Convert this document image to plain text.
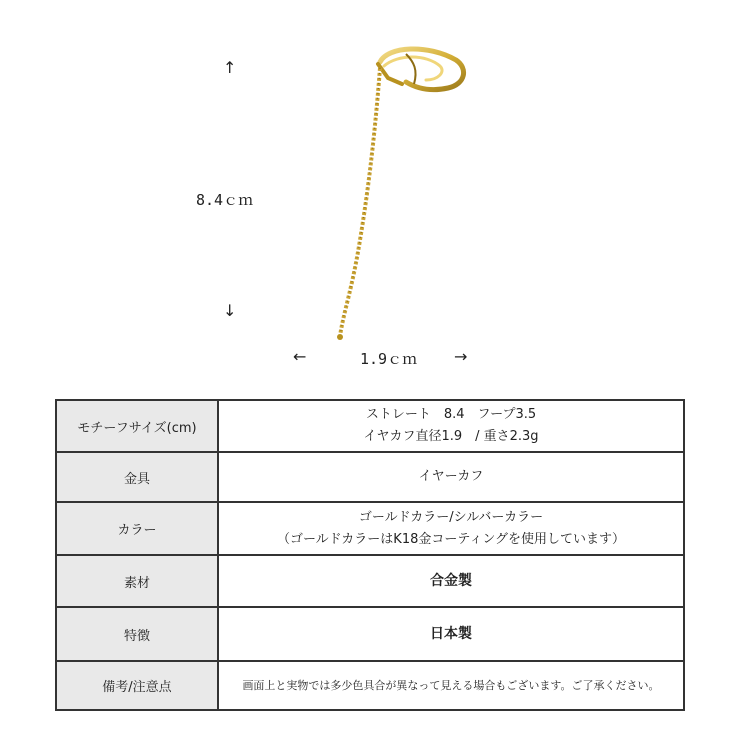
↑
8.4ｃｍ
↓
←	1.9ｃｍ →
モチーフサイズ(cm)	ストレート　8.4　フープ3.5
イヤカフ直径1.9　/ 重さ2.3g

金具	イヤーカフ

カラー	ゴールドカラー/シルバーカラー
（ゴールドカラーはK18金コーティングを使用しています）

素材	合金製

特徴	日本製

備考/注意点	画面上と実物では多少色具合が異なって見える場合もございます。ご了承ください。
